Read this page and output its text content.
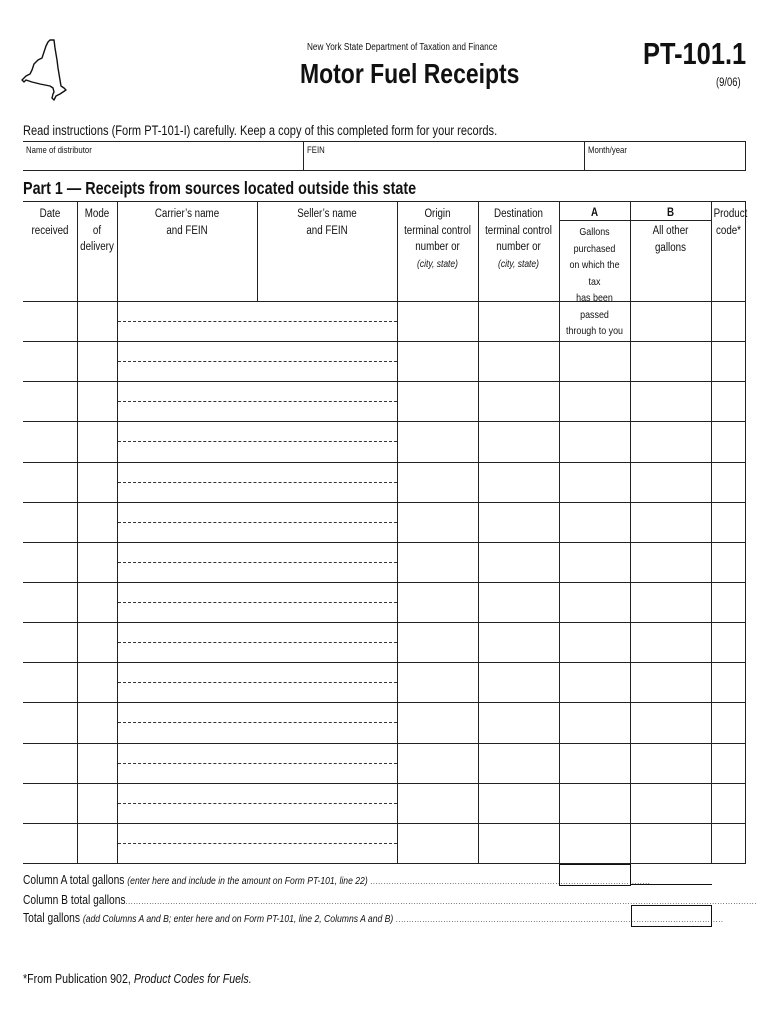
New York State Department of Taxation and Finance
Motor Fuel Receipts
PT-101.1
(9/06)
Read instructions (Form PT-101-I) carefully. Keep a copy of this completed form for your records.
Name of distributor	FEIN	Month/year
Part 1 — Receipts from sources located outside this state
Date
received
Mode of
delivery
Carrier’s name
and FEIN
Seller’s name
and FEIN
Origin
terminal control
number or
(city, state)
Destination
terminal control
number or
(city, state)
A
Gallons purchased
on which the tax
has been passed
through to you
B
All other gallons
Product
code*
Column A total gallons (enter here and include in the amount on Form PT-101, line 22) ..........................................................................................................
Column B total gallons...............................................................................................................................................................................................................................................
Total gallons (add Columns A and B; enter here and on Form PT-101, line 2, Columns A and B) ............................................................................................................................
*From Publication 902, Product Codes for Fuels.
